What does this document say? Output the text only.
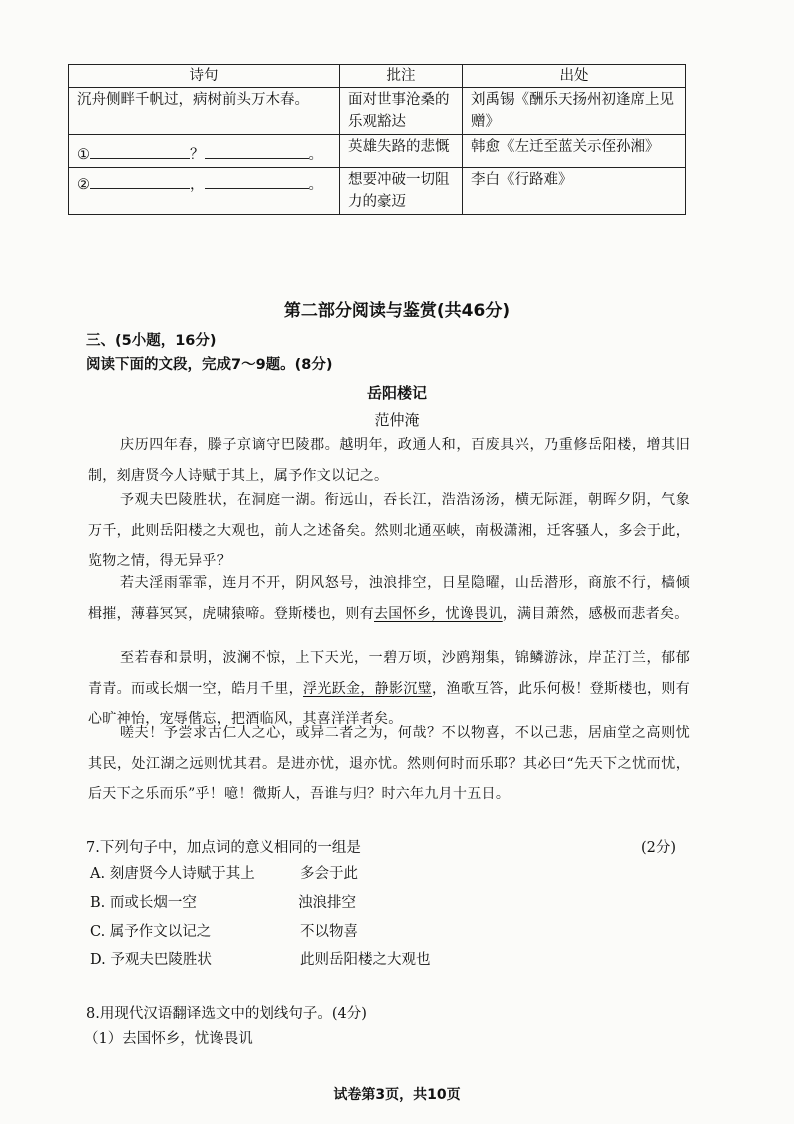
诗句	批注	出处
沉舟侧畔千帆过，病树前头万木春。	面对世事沧桑的乐观豁达	刘禹锡《酬乐天扬州初逢席上见赠》
① ？ 。	英雄失路的悲慨	韩愈《左迁至蓝关示侄孙湘》
② ， 。	想要冲破一切阻力的豪迈	李白《行路难》
第二部分阅读与鉴赏(共46分)
三、(5小题，16分)
阅读下面的文段，完成7～9题。(8分)
岳阳楼记
范仲淹
庆历四年春，滕子京谪守巴陵郡。越明年，政通人和，百废具兴，乃重修岳阳楼，增其旧制，刻唐贤今人诗赋于其上，属予作文以记之。
予观夫巴陵胜状，在洞庭一湖。衔远山，吞长江，浩浩汤汤，横无际涯，朝晖夕阴，气象万千，此则岳阳楼之大观也，前人之述备矣。然则北通巫峡，南极潇湘，迁客骚人，多会于此，览物之情，得无异乎？
若夫淫雨霏霏，连月不开，阴风怒号，浊浪排空，日星隐曜，山岳潜形，商旅不行，樯倾楫摧，薄暮冥冥，虎啸猿啼。登斯楼也，则有去国怀乡，忧谗畏讥，满目萧然，感极而悲者矣。
至若春和景明，波澜不惊，上下天光，一碧万顷，沙鸥翔集，锦鳞游泳，岸芷汀兰，郁郁青青。而或长烟一空，皓月千里，浮光跃金，静影沉璧，渔歌互答，此乐何极！登斯楼也，则有心旷神怡，宠辱偕忘，把酒临风，其喜洋洋者矣。
嗟夫！予尝求古仁人之心，或异二者之为，何哉？不以物喜，不以己悲，居庙堂之高则忧其民，处江湖之远则忧其君。是进亦忧，退亦忧。然则何时而乐耶？其必曰“先天下之忧而忧，后天下之乐而乐”乎！噫！微斯人，吾谁与归？时六年九月十五日。
7.下列句子中，加点词的意义相同的一组是	(2分)
A. 刻唐贤今人诗赋于其上	多会于此
B. 而或长烟一空	浊浪排空
C. 属予作文以记之	不以物喜
D. 予观夫巴陵胜状	此则岳阳楼之大观也
8.用现代汉语翻译选文中的划线句子。(4分)
（1）去国怀乡，忧谗畏讥
试卷第3页，共10页
